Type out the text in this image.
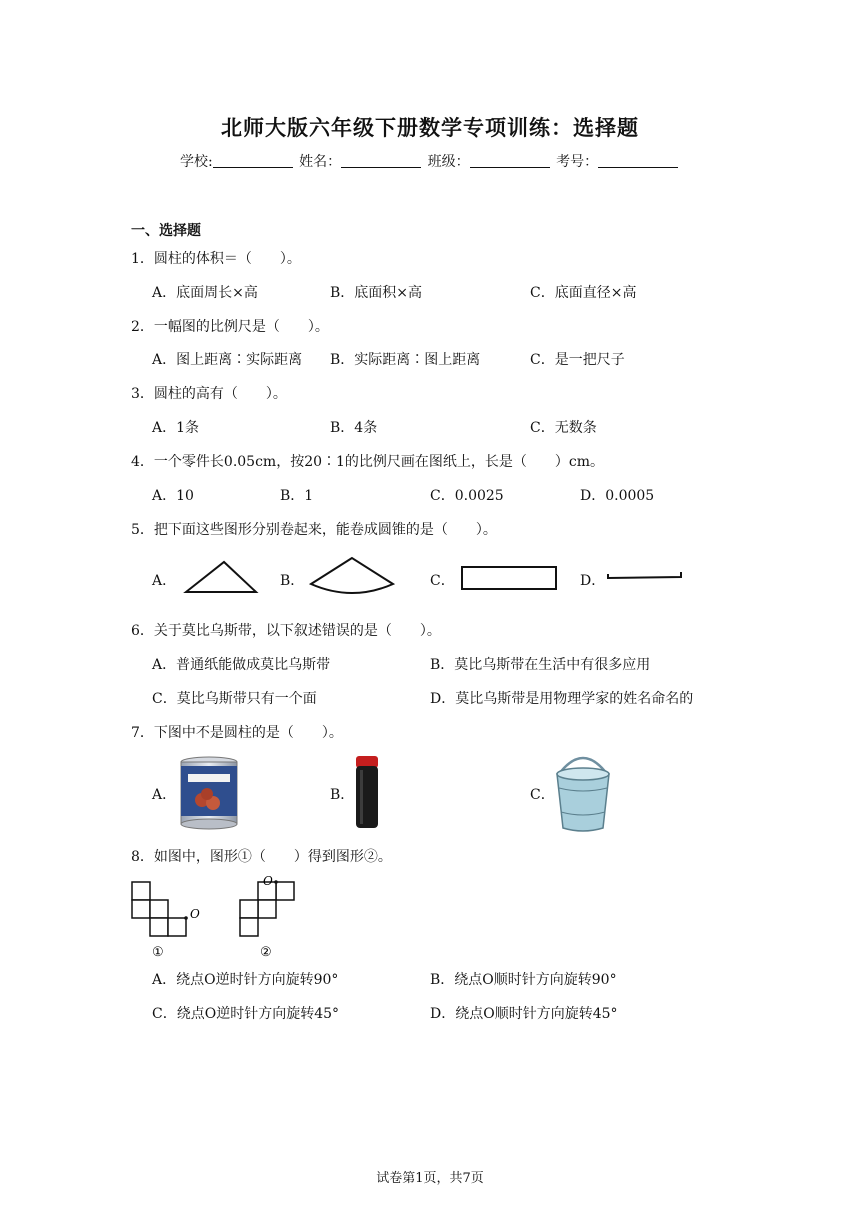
北师大版六年级下册数学专项训练：选择题
学校:	姓名：	班级：	考号：
一、选择题
1．圆柱的体积＝（　　）。
A．底面周长×高	B．底面积×高	C．底面直径×高
2．一幅图的比例尺是（　　）。
A．图上距离∶实际距离 B．实际距离∶图上距离	C．是一把尺子
3．圆柱的高有（　　）。
A．1条	B．4条	C．无数条
4．一个零件长0.05cm，按20∶1的比例尺画在图纸上，长是（　　）cm。
A．10	B．1	C．0.0025	D．0.0005
5．把下面这些图形分别卷起来，能卷成圆锥的是（　　）。
A．	B．	C．	D．
6．关于莫比乌斯带，以下叙述错误的是（　　）。
A．普通纸能做成莫比乌斯带	B．莫比乌斯带在生活中有很多应用
C．莫比乌斯带只有一个面	D．莫比乌斯带是用物理学家的姓名命名的
7．下图中不是圆柱的是（　　）。
A．	B．	C．
8．如图中，图形①（　　）得到图形②。
O
①
O
②
A．绕点O逆时针方向旋转90°	B．绕点O顺时针方向旋转90°
C．绕点O逆时针方向旋转45°	D．绕点O顺时针方向旋转45°
试卷第1页，共7页
